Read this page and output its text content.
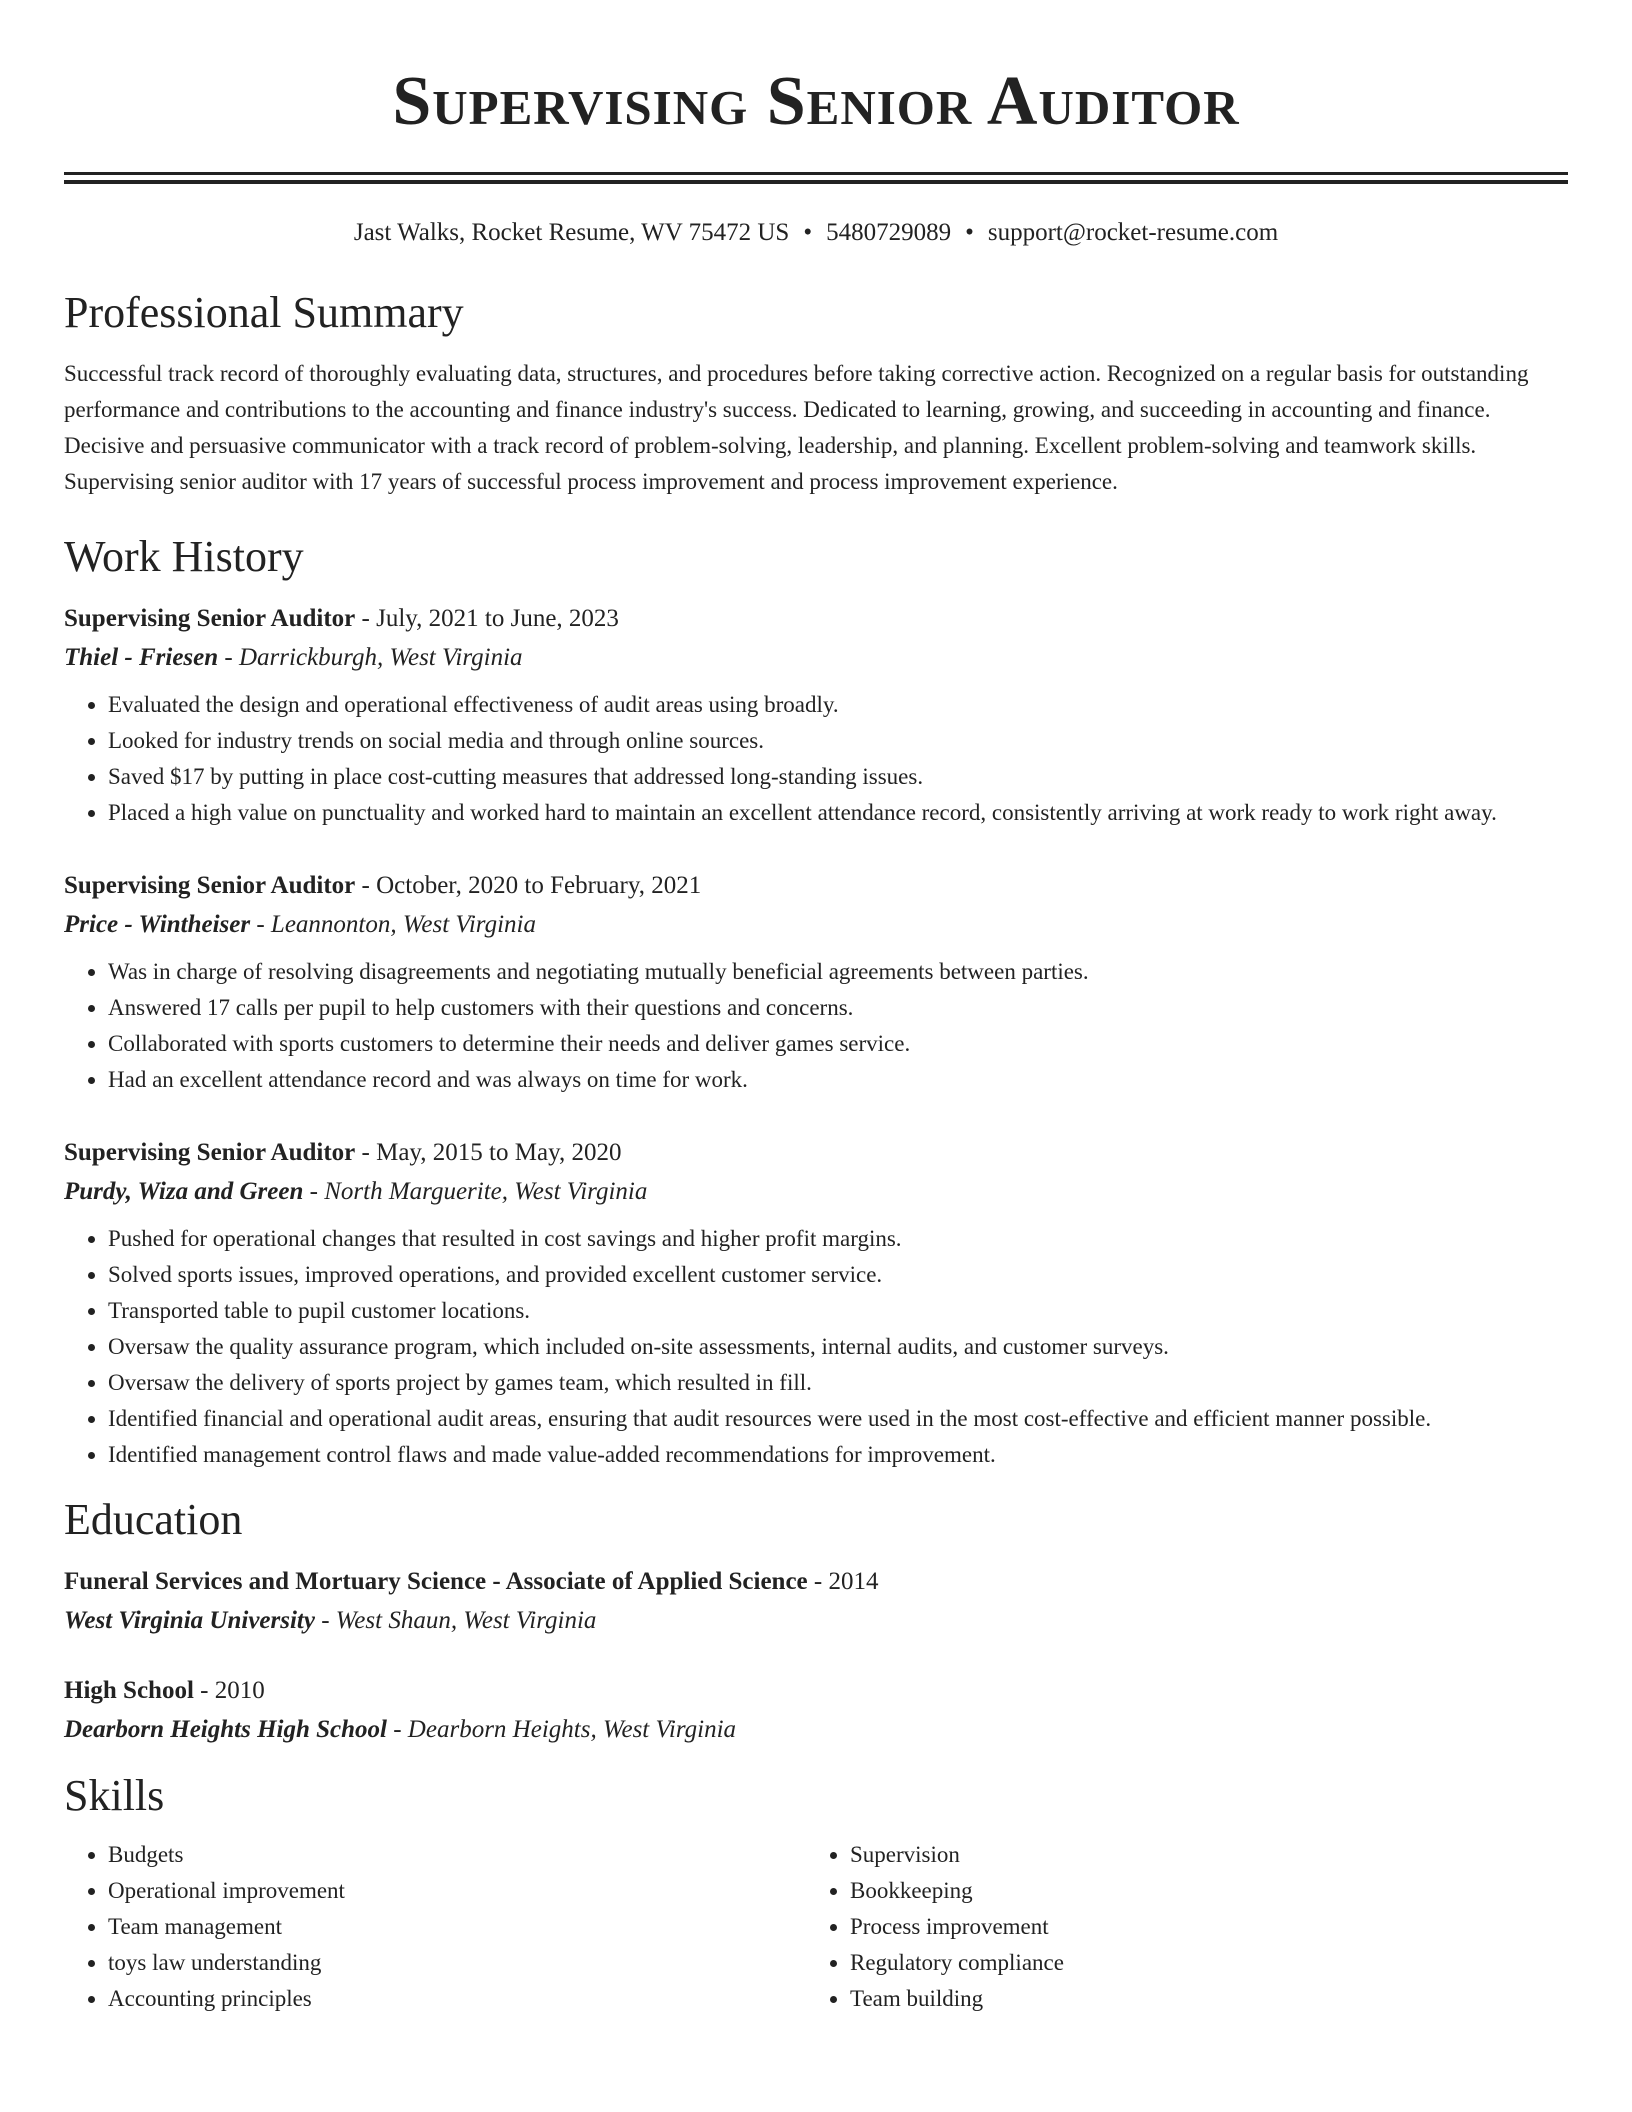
Supervising Senior Auditor
Jast Walks, Rocket Resume, WV 75472 US • 5480729089 • support@rocket-resume.com
Professional Summary

Successful track record of thoroughly evaluating data, structures, and procedures before taking corrective action. Recognized on a regular basis for outstanding performance and contributions to the accounting and finance industry's success. Dedicated to learning, growing, and succeeding in accounting and finance. Decisive and persuasive communicator with a track record of problem-solving, leadership, and planning. Excellent problem-solving and teamwork skills. Supervising senior auditor with 17 years of successful process improvement and process improvement experience.

Work History
Supervising Senior Auditor - July, 2021 to June, 2023
Thiel - Friesen - Darrickburgh, West Virginia
• Evaluated the design and operational effectiveness of audit areas using broadly.
• Looked for industry trends on social media and through online sources.
• Saved $17 by putting in place cost-cutting measures that addressed long-standing issues.
• Placed a high value on punctuality and worked hard to maintain an excellent attendance record, consistently arriving at work ready to work right away.
Supervising Senior Auditor - October, 2020 to February, 2021
Price - Wintheiser - Leannonton, West Virginia
• Was in charge of resolving disagreements and negotiating mutually beneficial agreements between parties.
• Answered 17 calls per pupil to help customers with their questions and concerns.
• Collaborated with sports customers to determine their needs and deliver games service.
• Had an excellent attendance record and was always on time for work.
Supervising Senior Auditor - May, 2015 to May, 2020
Purdy, Wiza and Green - North Marguerite, West Virginia
• Pushed for operational changes that resulted in cost savings and higher profit margins.
• Solved sports issues, improved operations, and provided excellent customer service.
• Transported table to pupil customer locations.
• Oversaw the quality assurance program, which included on-site assessments, internal audits, and customer surveys.
• Oversaw the delivery of sports project by games team, which resulted in fill.
• Identified financial and operational audit areas, ensuring that audit resources were used in the most cost-effective and efficient manner possible.
• Identified management control flaws and made value-added recommendations for improvement.
Education
Funeral Services and Mortuary Science - Associate of Applied Science - 2014
West Virginia University - West Shaun, West Virginia
High School - 2010
Dearborn Heights High School - Dearborn Heights, West Virginia
Skills
• Budgets
• Operational improvement
• Team management
• toys law understanding
• Accounting principles
• Supervision
• Bookkeeping
• Process improvement
• Regulatory compliance
• Team building
